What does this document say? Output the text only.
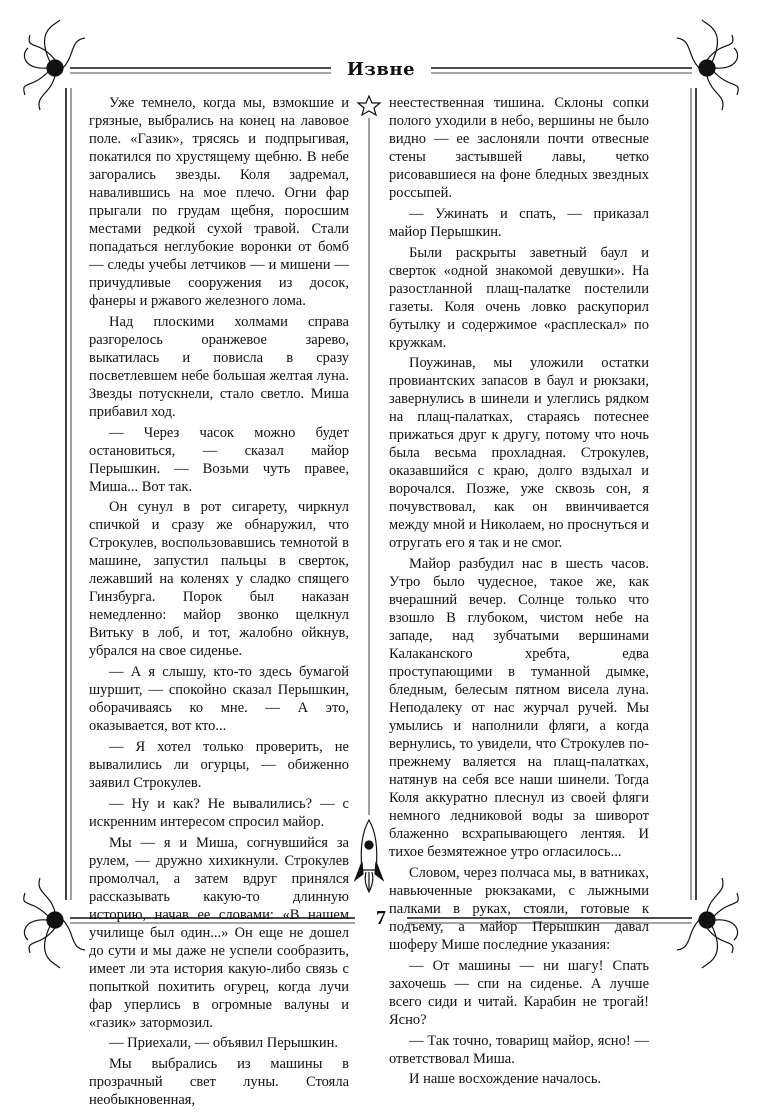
Извне

Уже темнело, когда мы, взмокшие и грязные, выбрались на конец на лавовое поле. «Газик», трясясь и подпрыгивая, покатился по хрустящему щебню. В небе загорались звезды. Коля задремал, навалившись на мое плечо. Огни фар прыгали по грудам щебня, поросшим местами редкой сухой травой. Стали попадаться неглубокие воронки от бомб — следы учебы летчиков — и мишени — причудливые сооружения из досок, фанеры и ржавого железного лома.

Над плоскими холмами справа разгорелось оранжевое зарево, выкатилась и повисла в сразу посветлевшем небе большая желтая луна. Звезды потускнели, стало светло. Миша прибавил ход.

— Через часок можно будет остановиться, — сказал майор Перышкин. — Возьми чуть правее, Миша... Вот так.

Он сунул в рот сигарету, чиркнул спичкой и сразу же обнаружил, что Строкулев, воспользовавшись темнотой в машине, запустил пальцы в сверток, лежавший на коленях у сладко спящего Гинзбурга. Порок был наказан немедленно: майор звонко щелкнул Витьку в лоб, и тот, жалобно ойкнув, убрался на свое сиденье.

— А я слышу, кто-то здесь бумагой шуршит, — спокойно сказал Перышкин, оборачиваясь ко мне. — А это, оказывается, вот кто...

— Я хотел только проверить, не вывалились ли огурцы, — обиженно заявил Строкулев.

— Ну и как? Не вывалились? — с искренним интересом спросил майор.

Мы — я и Миша, согнувшийся за рулем, — дружно хихикнули. Строкулев промолчал, а затем вдруг принялся рассказывать какую-то длинную историю, начав ее словами: «В нашем училище был один...» Он еще не дошел до сути и мы даже не успели сообразить, имеет ли эта история какую-либо связь с попыткой похитить огурец, когда лучи фар уперлись в огромные валуны и «газик» затормозил.

— Приехали, — объявил Перышкин.

Мы выбрались из машины в прозрачный свет луны. Стояла необыкновенная,

неестественная тишина. Склоны сопки полого уходили в небо, вершины не было видно — ее заслоняли почти отвесные стены застывшей лавы, четко рисовавшиеся на фоне бледных звездных россыпей.

— Ужинать и спать, — приказал майор Перышкин.

Были раскрыты заветный баул и сверток «одной знакомой девушки». На разостланной плащ-палатке постелили газеты. Коля очень ловко раскупорил бутылку и содержимое «расплескал» по кружкам.

Поужинав, мы уложили остатки провиантских запасов в баул и рюкзаки, завернулись в шинели и улеглись рядком на плащ-палатках, стараясь потеснее прижаться друг к другу, потому что ночь была весьма прохладная. Строкулев, оказавшийся с краю, долго вздыхал и ворочался. Позже, уже сквозь сон, я почувствовал, как он ввинчивается между мной и Николаем, но проснуться и отругать его я так и не смог.

Майор разбудил нас в шесть часов. Утро было чудесное, такое же, как вчерашний вечер. Солнце только что взошло В глубоком, чистом небе на западе, над зубчатыми вершинами Калаканского хребта, едва проступающими в туманной дымке, бледным, белесым пятном висела луна. Неподалеку от нас журчал ручей. Мы умылись и наполнили фляги, а когда вернулись, то увидели, что Строкулев по-прежнему валяется на плащ-палатках, натянув на себя все наши шинели. Тогда Коля аккуратно плеснул из своей фляги немного ледниковой воды за шиворот блаженно всхрапывающего лентяя. И тихое безмятежное утро огласилось...

Словом, через полчаса мы, в ватниках, навьюченные рюкзаками, с лыжными палками в руках, стояли, готовые к подъему, а майор Перышкин давал шоферу Мише последние указания:

— От машины — ни шагу! Спать захочешь — спи на сиденье. А лучше всего сиди и читай. Карабин не трогай! Ясно?

— Так точно, товарищ майор, ясно! — ответствовал Миша.

И наше восхождение началось.

7
